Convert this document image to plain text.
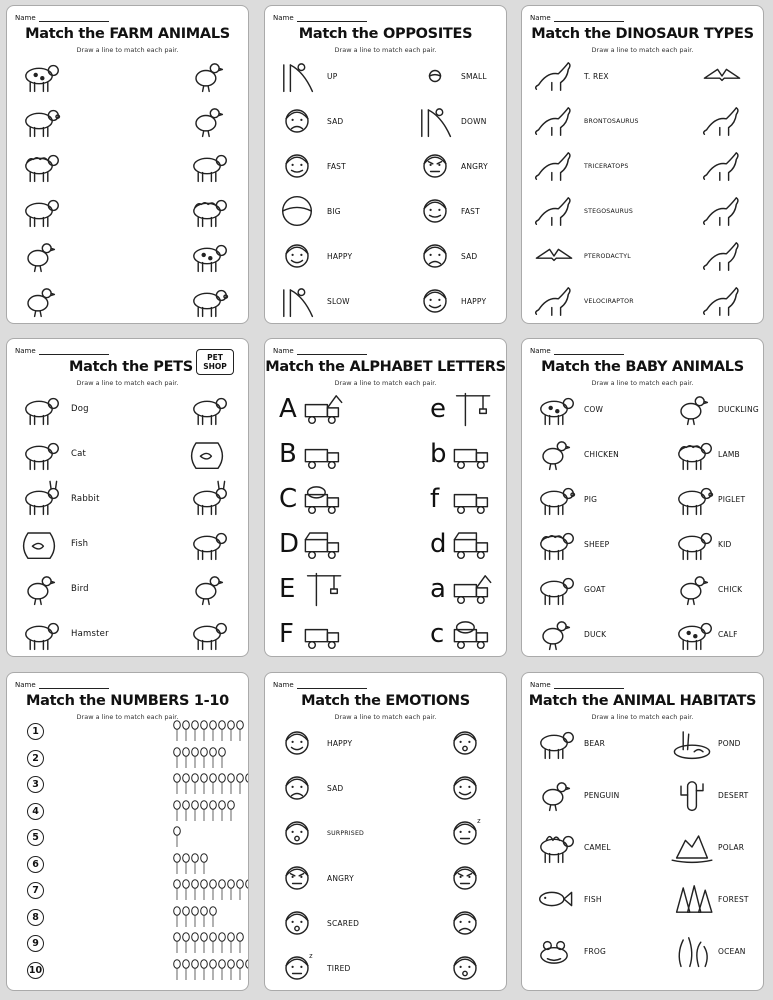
Name
Match the FARM ANIMALS
Draw a line to match each pair.
Name
Match the OPPOSITES
Draw a line to match each pair.
UP	SMALL
SAD	DOWN
FAST	ANGRY
BIG	FAST
HAPPY	SAD
SLOW	HAPPY
Name
Match the DINOSAUR TYPES
Draw a line to match each pair.
T. REX
BRONTOSAURUS
TRICERATOPS
STEGOSAURUS
PTERODACTYL
VELOCIRAPTOR
Name
Match the PETS
Draw a line to match each pair.
PET
SHOP
Dog
Cat
Rabbit
Fish
Bird
Hamster
Name
Match the ALPHABET LETTERS
Draw a line to match each pair.
A	e
B	b
C	f
D	d
E	a
F	c
Name
Match the BABY ANIMALS
Draw a line to match each pair.
COW	DUCKLING
CHICKEN	LAMB
PIG	PIGLET
SHEEP	KID
GOAT	CHICK
DUCK	CALF
Name
Match the NUMBERS 1-10
Draw a line to match each pair.
1
2
3
4
5
6
7
8
9
10
Name
Match the EMOTIONS
Draw a line to match each pair.
HAPPY
SAD
SURPRISED
z
ANGRY
SCARED
z
TIRED
Name
Match the ANIMAL HABITATS
Draw a line to match each pair.
BEAR	POND
PENGUIN	DESERT
CAMEL	POLAR
FISH	FOREST
FROG	OCEAN
